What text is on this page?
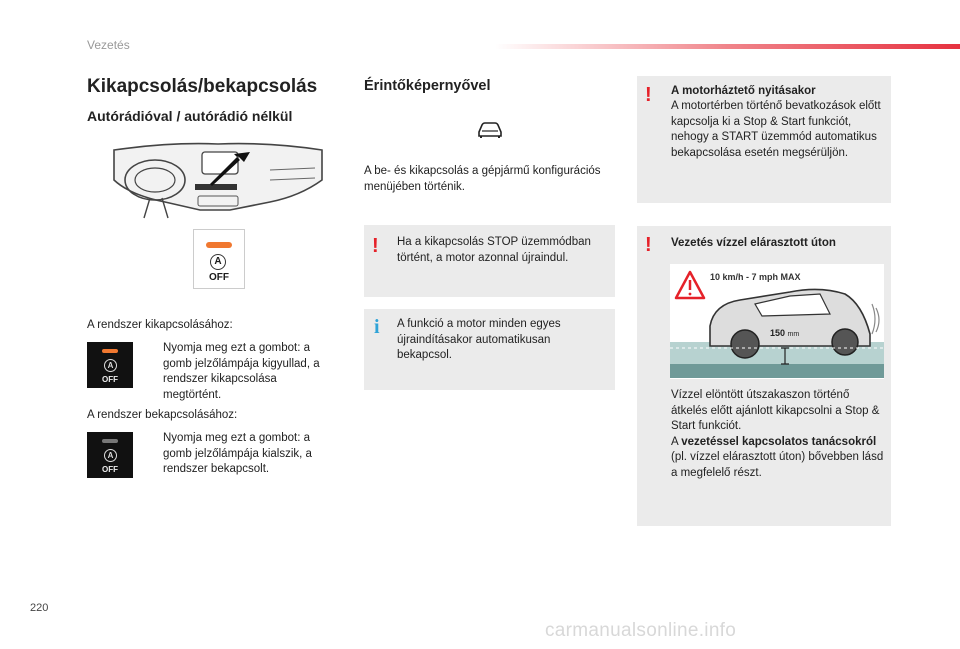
Vezetés
Kikapcsolás/bekapcsolás
Autórádióval / autórádió nélkül
A
OFF
A rendszer kikapcsolásához:
A
OFF
Nyomja meg ezt a gombot: a gomb jelzőlámpája kigyullad, a rendszer kikapcsolása megtörtént.
A rendszer bekapcsolásához:
A
OFF
Nyomja meg ezt a gombot: a gomb jelzőlámpája kialszik, a rendszer bekapcsolt.
Érintőképernyővel
A be- és kikapcsolás a gépjármű konfigurációs menüjében történik.
! Ha a kikapcsolás STOP üzemmódban történt, a motor azonnal újraindul.
i A funkció a motor minden egyes újraindításakor automatikusan bekapcsol.
! A motorháztető nyitásakor
A motortérben történő bevatkozások előtt kapcsolja ki a Stop & Start funkciót, nehogy a START üzemmód automatikus bekapcsolása esetén megsérüljön.
! Vezetés vízzel elárasztott úton
10 km/h - 7 mph MAX
150 mm
Vízzel elöntött útszakaszon történő átkelés előtt ajánlott kikapcsolni a Stop & Start funkciót.
A vezetéssel kapcsolatos tanácsokról (pl. vízzel elárasztott úton) bővebben lásd a megfelelő részt.
220
carmanualsonline.info
